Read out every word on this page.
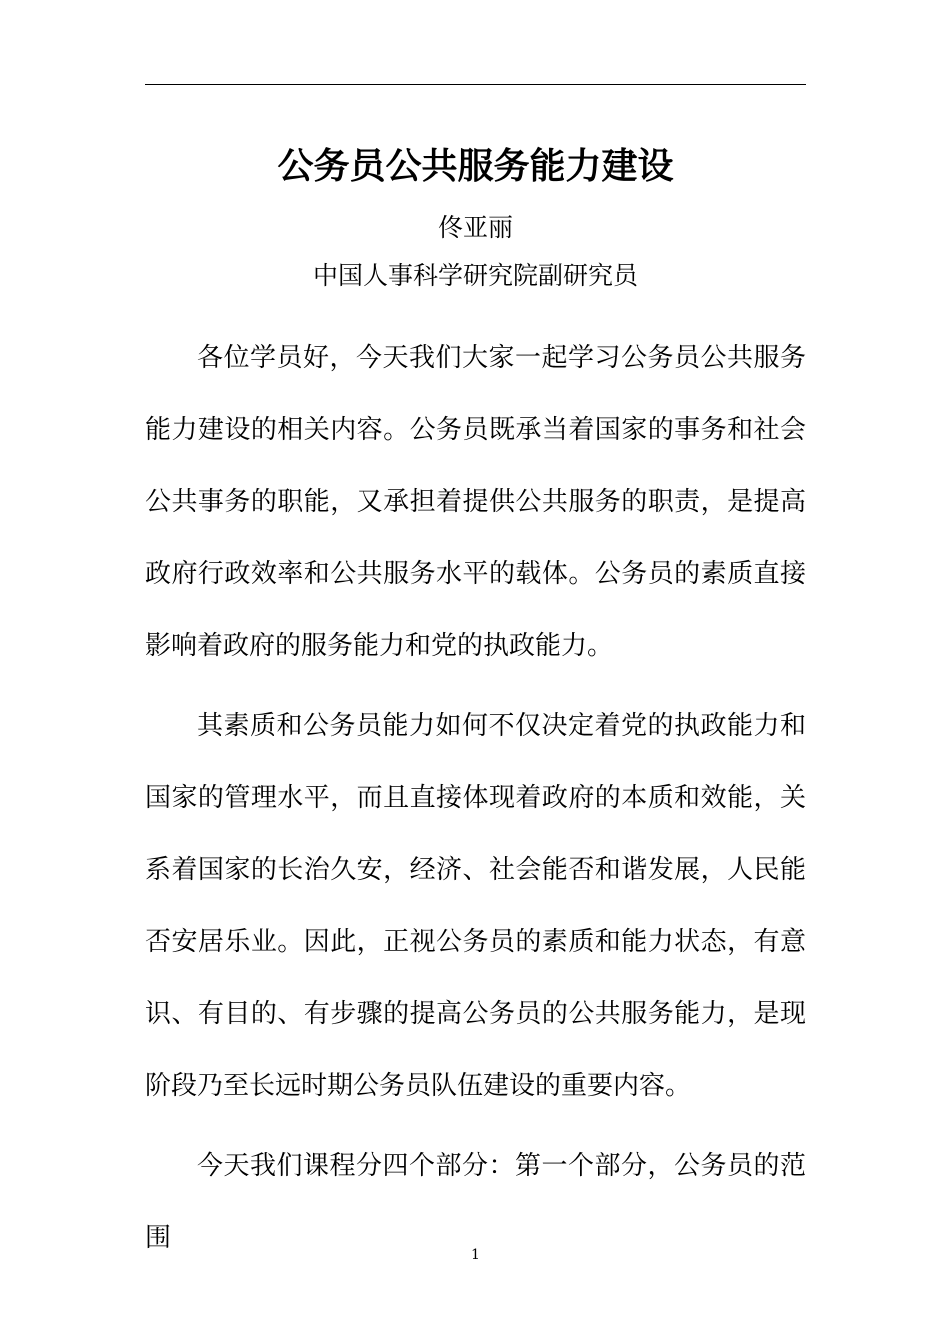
公务员公共服务能力建设
佟亚丽
中国人事科学研究院副研究员

各位学员好，今天我们大家一起学习公务员公共服务能力建设的相关内容。公务员既承当着国家的事务和社会公共事务的职能，又承担着提供公共服务的职责，是提高政府行政效率和公共服务水平的载体。公务员的素质直接影响着政府的服务能力和党的执政能力。

其素质和公务员能力如何不仅决定着党的执政能力和国家的管理水平，而且直接体现着政府的本质和效能，关系着国家的长治久安，经济、社会能否和谐发展，人民能否安居乐业。因此，正视公务员的素质和能力状态，有意识、有目的、有步骤的提高公务员的公共服务能力，是现阶段乃至长远时期公务员队伍建设的重要内容。

今天我们课程分四个部分：第一个部分，公务员的范围

1
